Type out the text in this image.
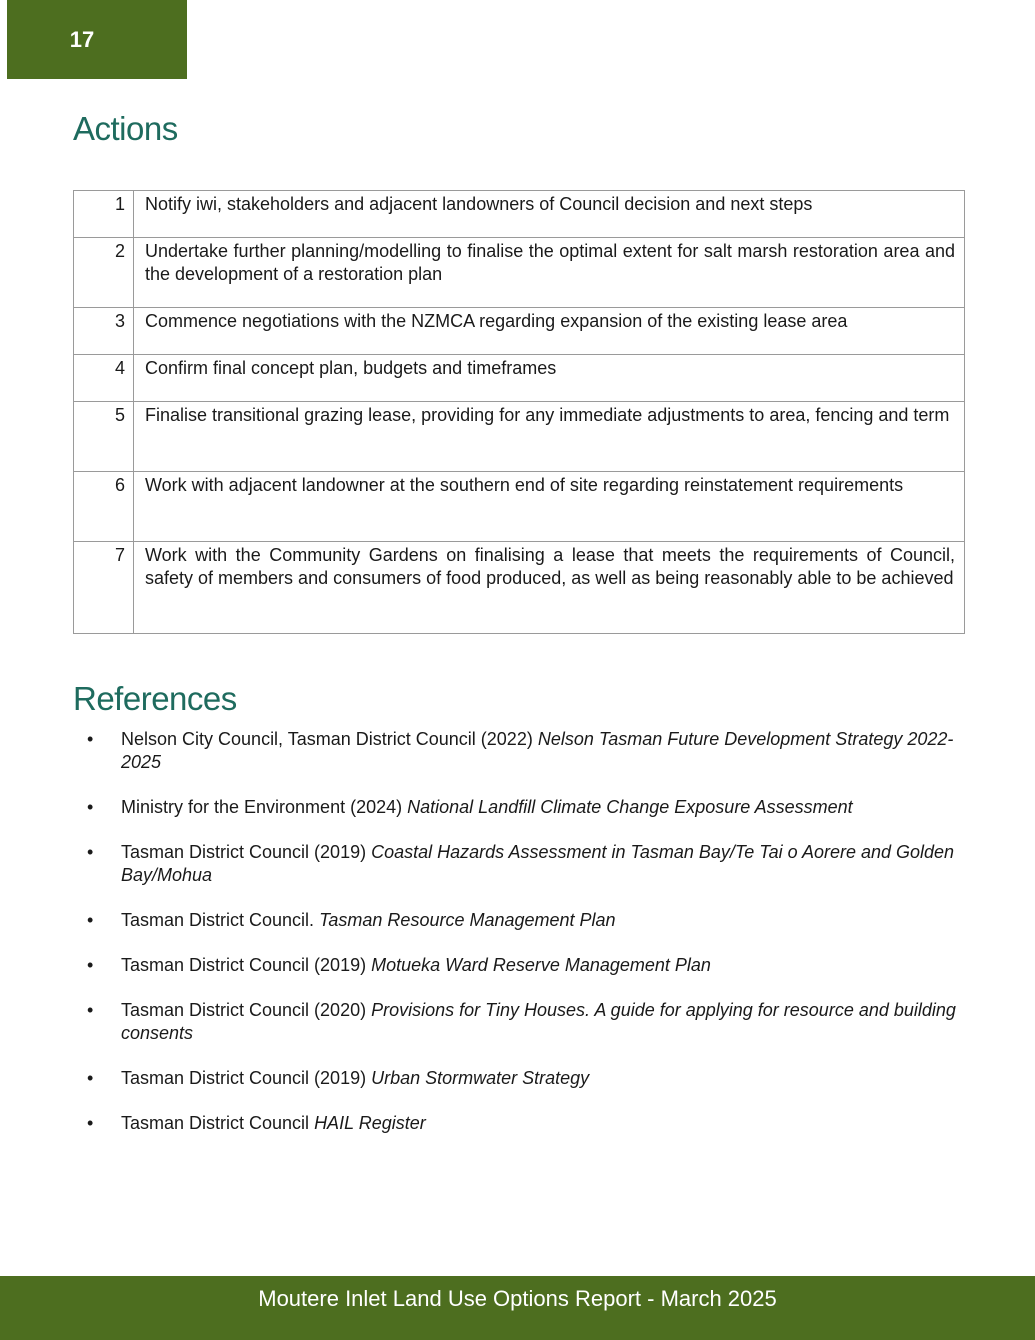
17
Actions
1	Notify iwi, stakeholders and adjacent landowners of Council decision and next steps
2	Undertake further planning/modelling to finalise the optimal extent for salt marsh restoration area and the development of a restoration plan
3	Commence negotiations with the NZMCA regarding expansion of the existing lease area
4	Confirm final concept plan, budgets and timeframes
5	Finalise transitional grazing lease, providing for any immediate adjustments to area, fencing and term
6	Work with adjacent landowner at the southern end of site regarding reinstatement requirements
7	Work with the Community Gardens on finalising a lease that meets the requirements of Council, safety of members and consumers of food produced, as well as being reasonably able to be achieved
References
• Nelson City Council, Tasman District Council (2022) Nelson Tasman Future Development Strategy 2022-2025
• Ministry for the Environment (2024) National Landfill Climate Change Exposure Assessment
• Tasman District Council (2019) Coastal Hazards Assessment in Tasman Bay/Te Tai o Aorere and Golden Bay/Mohua
• Tasman District Council. Tasman Resource Management Plan
• Tasman District Council (2019) Motueka Ward Reserve Management Plan
• Tasman District Council (2020) Provisions for Tiny Houses. A guide for applying for resource and building consents
• Tasman District Council (2019) Urban Stormwater Strategy
• Tasman District Council HAIL Register
Moutere Inlet Land Use Options Report - March 2025
